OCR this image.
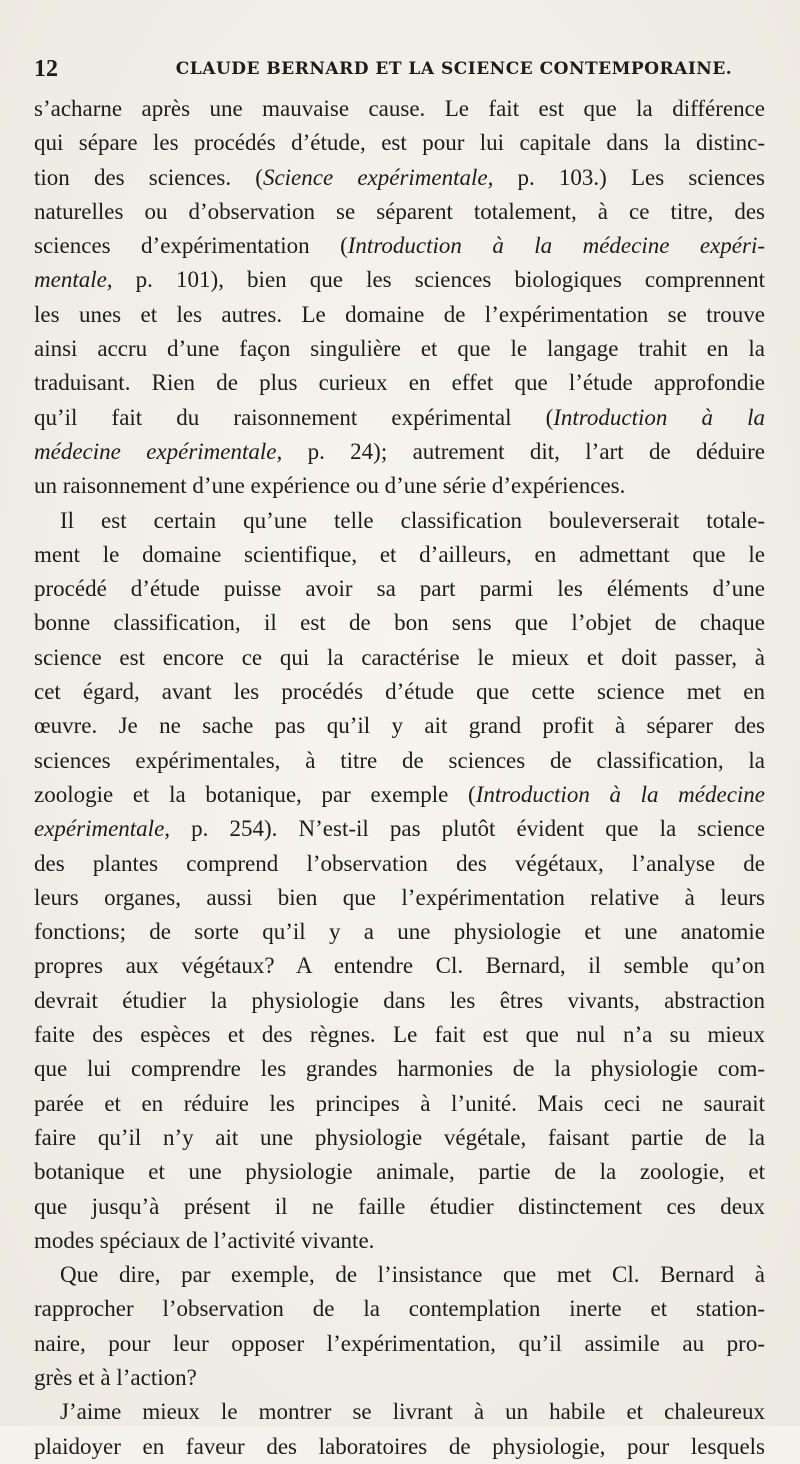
12	CLAUDE BERNARD ET LA SCIENCE CONTEMPORAINE.
s’acharne après une mauvaise cause. Le fait est que la différence
qui sépare les procédés d’étude, est pour lui capitale dans la distinc-
tion des sciences. (Science expérimentale, p. 103.) Les sciences
naturelles ou d’observation se séparent totalement, à ce titre, des
sciences d’expérimentation (Introduction à la médecine expéri-
mentale, p. 101), bien que les sciences biologiques comprennent
les unes et les autres. Le domaine de l’expérimentation se trouve
ainsi accru d’une façon singulière et que le langage trahit en la
traduisant. Rien de plus curieux en effet que l’étude approfondie
qu’il fait du raisonnement expérimental (Introduction à la
médecine expérimentale, p. 24); autrement dit, l’art de déduire
un raisonnement d’une expérience ou d’une série d’expériences.
Il est certain qu’une telle classification bouleverserait totale-
ment le domaine scientifique, et d’ailleurs, en admettant que le
procédé d’étude puisse avoir sa part parmi les éléments d’une
bonne classification, il est de bon sens que l’objet de chaque
science est encore ce qui la caractérise le mieux et doit passer, à
cet égard, avant les procédés d’étude que cette science met en
œuvre. Je ne sache pas qu’il y ait grand profit à séparer des
sciences expérimentales, à titre de sciences de classification, la
zoologie et la botanique, par exemple (Introduction à la médecine
expérimentale, p. 254). N’est-il pas plutôt évident que la science
des plantes comprend l’observation des végétaux, l’analyse de
leurs organes, aussi bien que l’expérimentation relative à leurs
fonctions; de sorte qu’il y a une physiologie et une anatomie
propres aux végétaux? A entendre Cl. Bernard, il semble qu’on
devrait étudier la physiologie dans les êtres vivants, abstraction
faite des espèces et des règnes. Le fait est que nul n’a su mieux
que lui comprendre les grandes harmonies de la physiologie com-
parée et en réduire les principes à l’unité. Mais ceci ne saurait
faire qu’il n’y ait une physiologie végétale, faisant partie de la
botanique et une physiologie animale, partie de la zoologie, et
que jusqu’à présent il ne faille étudier distinctement ces deux
modes spéciaux de l’activité vivante.
Que dire, par exemple, de l’insistance que met Cl. Bernard à
rapprocher l’observation de la contemplation inerte et station-
naire, pour leur opposer l’expérimentation, qu’il assimile au pro-
grès et à l’action?
J’aime mieux le montrer se livrant à un habile et chaleureux
plaidoyer en faveur des laboratoires de physiologie, pour lesquels
